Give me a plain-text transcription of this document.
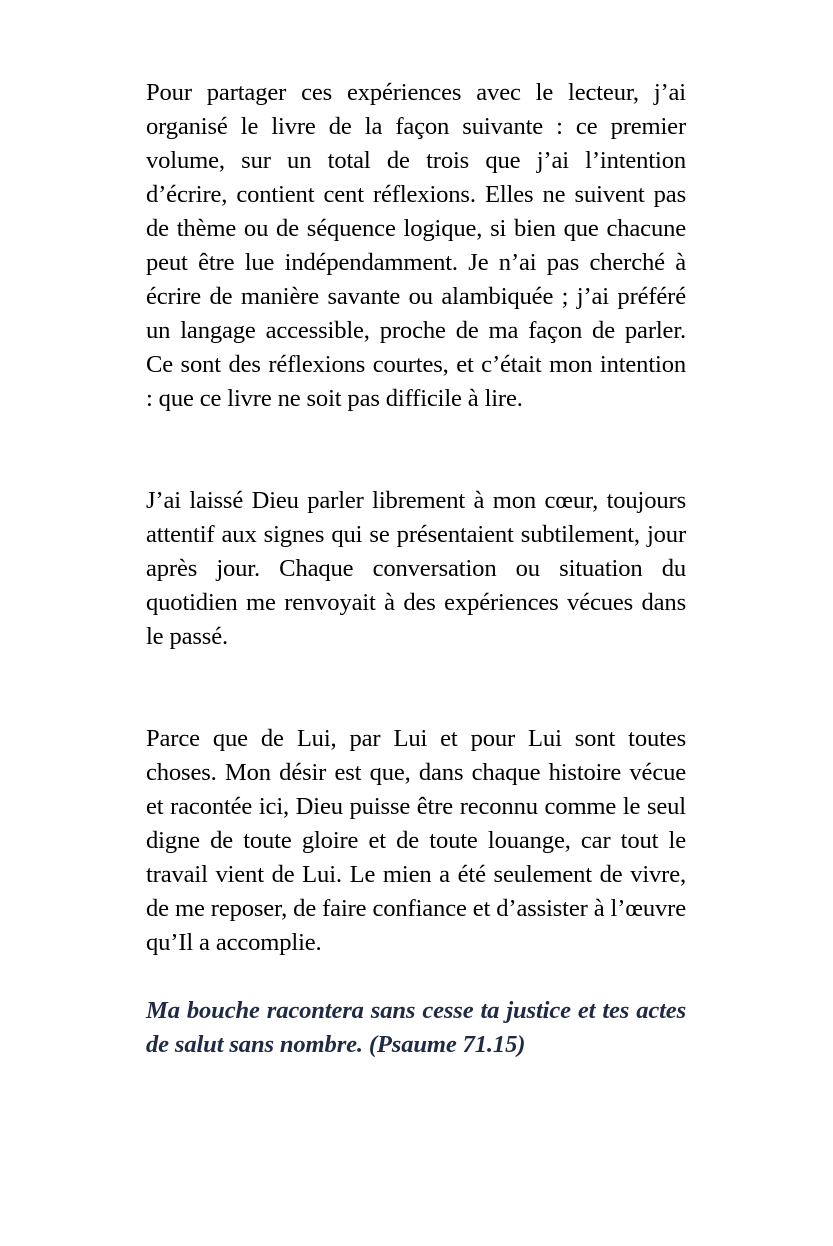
Pour partager ces expériences avec le lecteur, j’ai organisé le livre de la façon suivante : ce premier volume, sur un total de trois que j’ai l’intention d’écrire, contient cent réflexions. Elles ne suivent pas de thème ou de séquence logique, si bien que chacune peut être lue indépendamment. Je n’ai pas cherché à écrire de manière savante ou alambiquée ; j’ai préféré un langage accessible, proche de ma façon de parler. Ce sont des réflexions courtes, et c’était mon intention : que ce livre ne soit pas difficile à lire.

J’ai laissé Dieu parler librement à mon cœur, toujours attentif aux signes qui se présentaient subtilement, jour après jour. Chaque conversation ou situation du quotidien me renvoyait à des expériences vécues dans le passé.

Parce que de Lui, par Lui et pour Lui sont toutes choses. Mon désir est que, dans chaque histoire vécue et racontée ici, Dieu puisse être reconnu comme le seul digne de toute gloire et de toute louange, car tout le travail vient de Lui. Le mien a été seulement de vivre, de me reposer, de faire confiance et d’assister à l’œuvre qu’Il a accomplie.

Ma bouche racontera sans cesse ta justice et tes actes de salut sans nombre. (Psaume 71.15)
